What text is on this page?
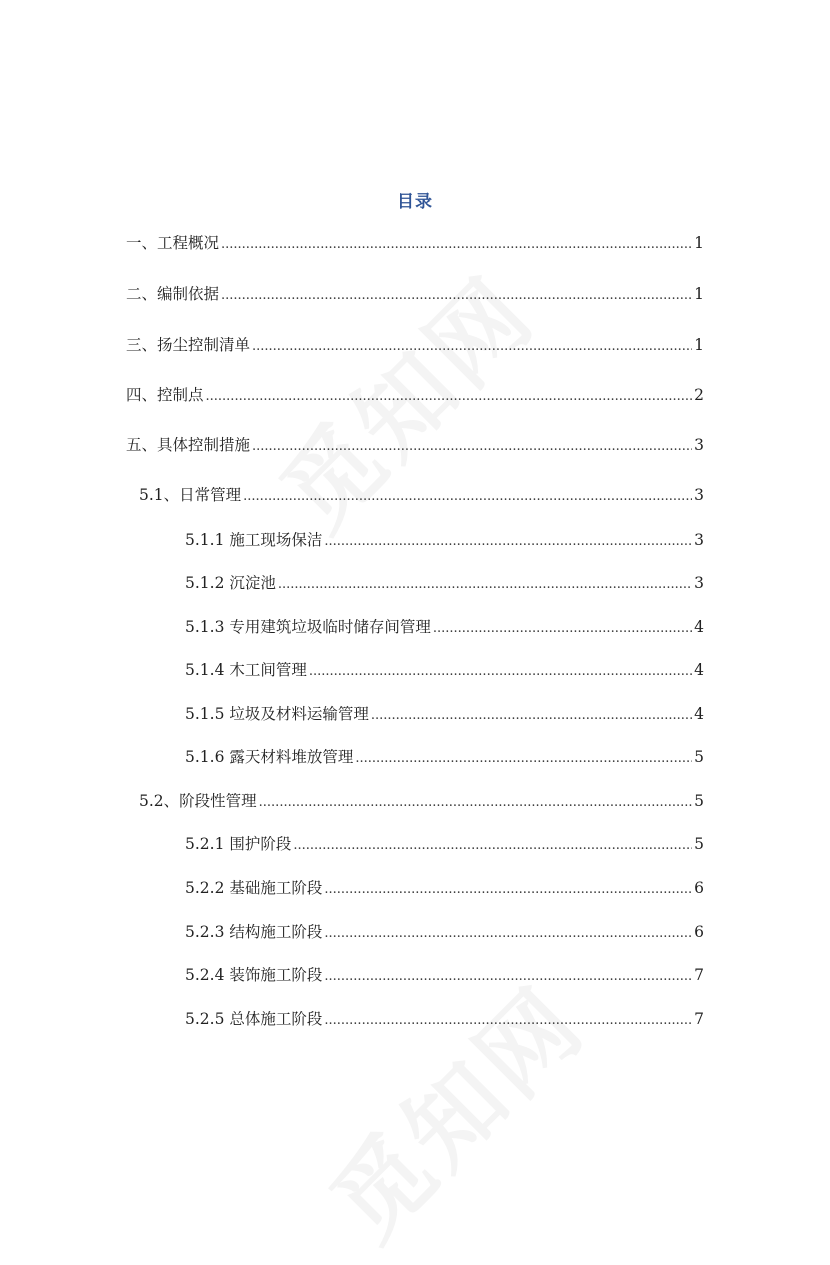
目录
一、工程概况 .....	1
二、编制依据 .....	1
三、扬尘控制清单 .....	1
四、控制点 .....	2
五、具体控制措施 .....	3
5.1、日常管理 .....	3
5.1.1 施工现场保洁 .....	3
5.1.2 沉淀池 .....	3
5.1.3 专用建筑垃圾临时储存间管理 .....	4
5.1.4 木工间管理 .....	4
5.1.5 垃圾及材料运输管理 .....	4
5.1.6 露天材料堆放管理 .....	5
5.2、阶段性管理 .....	5
5.2.1 围护阶段 .....	5
5.2.2 基础施工阶段 .....	6
5.2.3 结构施工阶段 .....	6
5.2.4 装饰施工阶段 .....	7
5.2.5 总体施工阶段 .....	7
